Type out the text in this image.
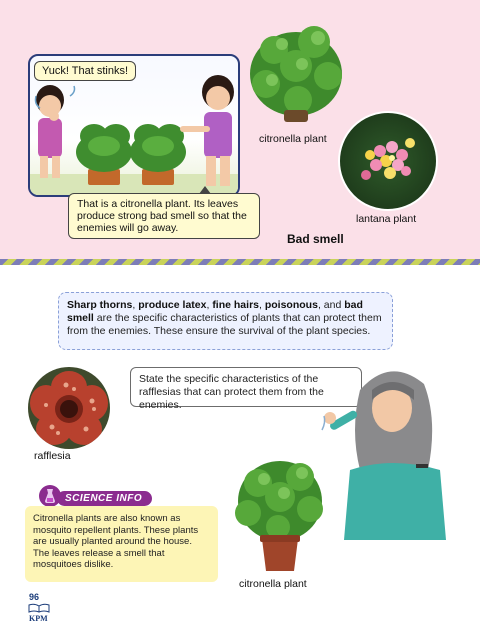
Yuck! That stinks!
That is a citronella plant. Its leaves produce strong bad smell so that the enemies will go away.
citronella plant
lantana plant
Bad smell
Sharp thorns, produce latex, fine hairs, poisonous, and bad smell are the specific characteristics of plants that can protect them from the enemies. These ensure the survival of the plant species.
rafflesia
State the specific characteristics of the rafflesias that can protect them from the enemies.
SCIENCE INFO
Citronella plants are also known as mosquito repellent plants. These plants are usually planted around the house. The leaves release a smell that mosquitoes dislike.
citronella plant
96
KPM
